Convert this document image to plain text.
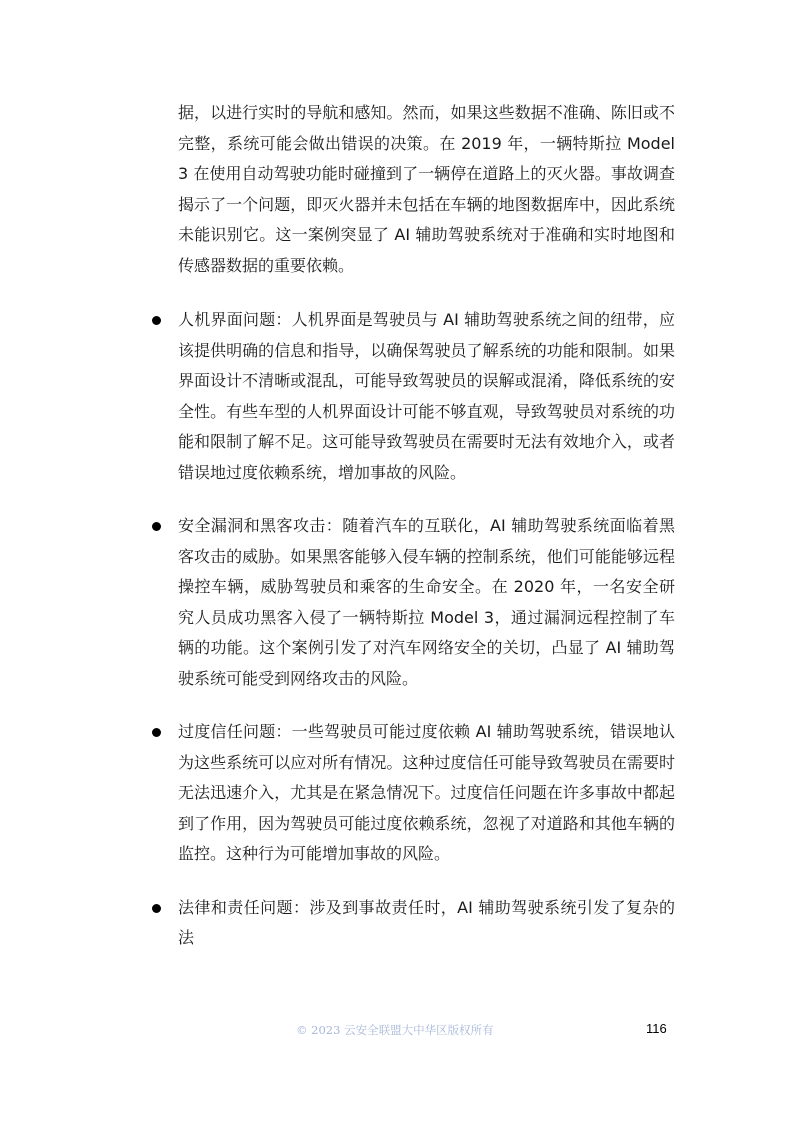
据，以进行实时的导航和感知。然而，如果这些数据不准确、陈旧或不完整，系统可能会做出错误的决策。在 2019 年，一辆特斯拉 Model 3 在使用自动驾驶功能时碰撞到了一辆停在道路上的灭火器。事故调查揭示了一个问题，即灭火器并未包括在车辆的地图数据库中，因此系统未能识别它。这一案例突显了 AI 辅助驾驶系统对于准确和实时地图和传感器数据的重要依赖。

人机界面问题：人机界面是驾驶员与 AI 辅助驾驶系统之间的纽带，应该提供明确的信息和指导，以确保驾驶员了解系统的功能和限制。如果界面设计不清晰或混乱，可能导致驾驶员的误解或混淆，降低系统的安全性。有些车型的人机界面设计可能不够直观，导致驾驶员对系统的功能和限制了解不足。这可能导致驾驶员在需要时无法有效地介入，或者错误地过度依赖系统，增加事故的风险。

安全漏洞和黑客攻击：随着汽车的互联化，AI 辅助驾驶系统面临着黑客攻击的威胁。如果黑客能够入侵车辆的控制系统，他们可能能够远程操控车辆，威胁驾驶员和乘客的生命安全。在 2020 年，一名安全研究人员成功黑客入侵了一辆特斯拉 Model 3，通过漏洞远程控制了车辆的功能。这个案例引发了对汽车网络安全的关切，凸显了 AI 辅助驾驶系统可能受到网络攻击的风险。

过度信任问题：一些驾驶员可能过度依赖 AI 辅助驾驶系统，错误地认为这些系统可以应对所有情况。这种过度信任可能导致驾驶员在需要时无法迅速介入，尤其是在紧急情况下。过度信任问题在许多事故中都起到了作用，因为驾驶员可能过度依赖系统，忽视了对道路和其他车辆的监控。这种行为可能增加事故的风险。

法律和责任问题：涉及到事故责任时，AI 辅助驾驶系统引发了复杂的法

© 2023 云安全联盟大中华区版权所有	116
